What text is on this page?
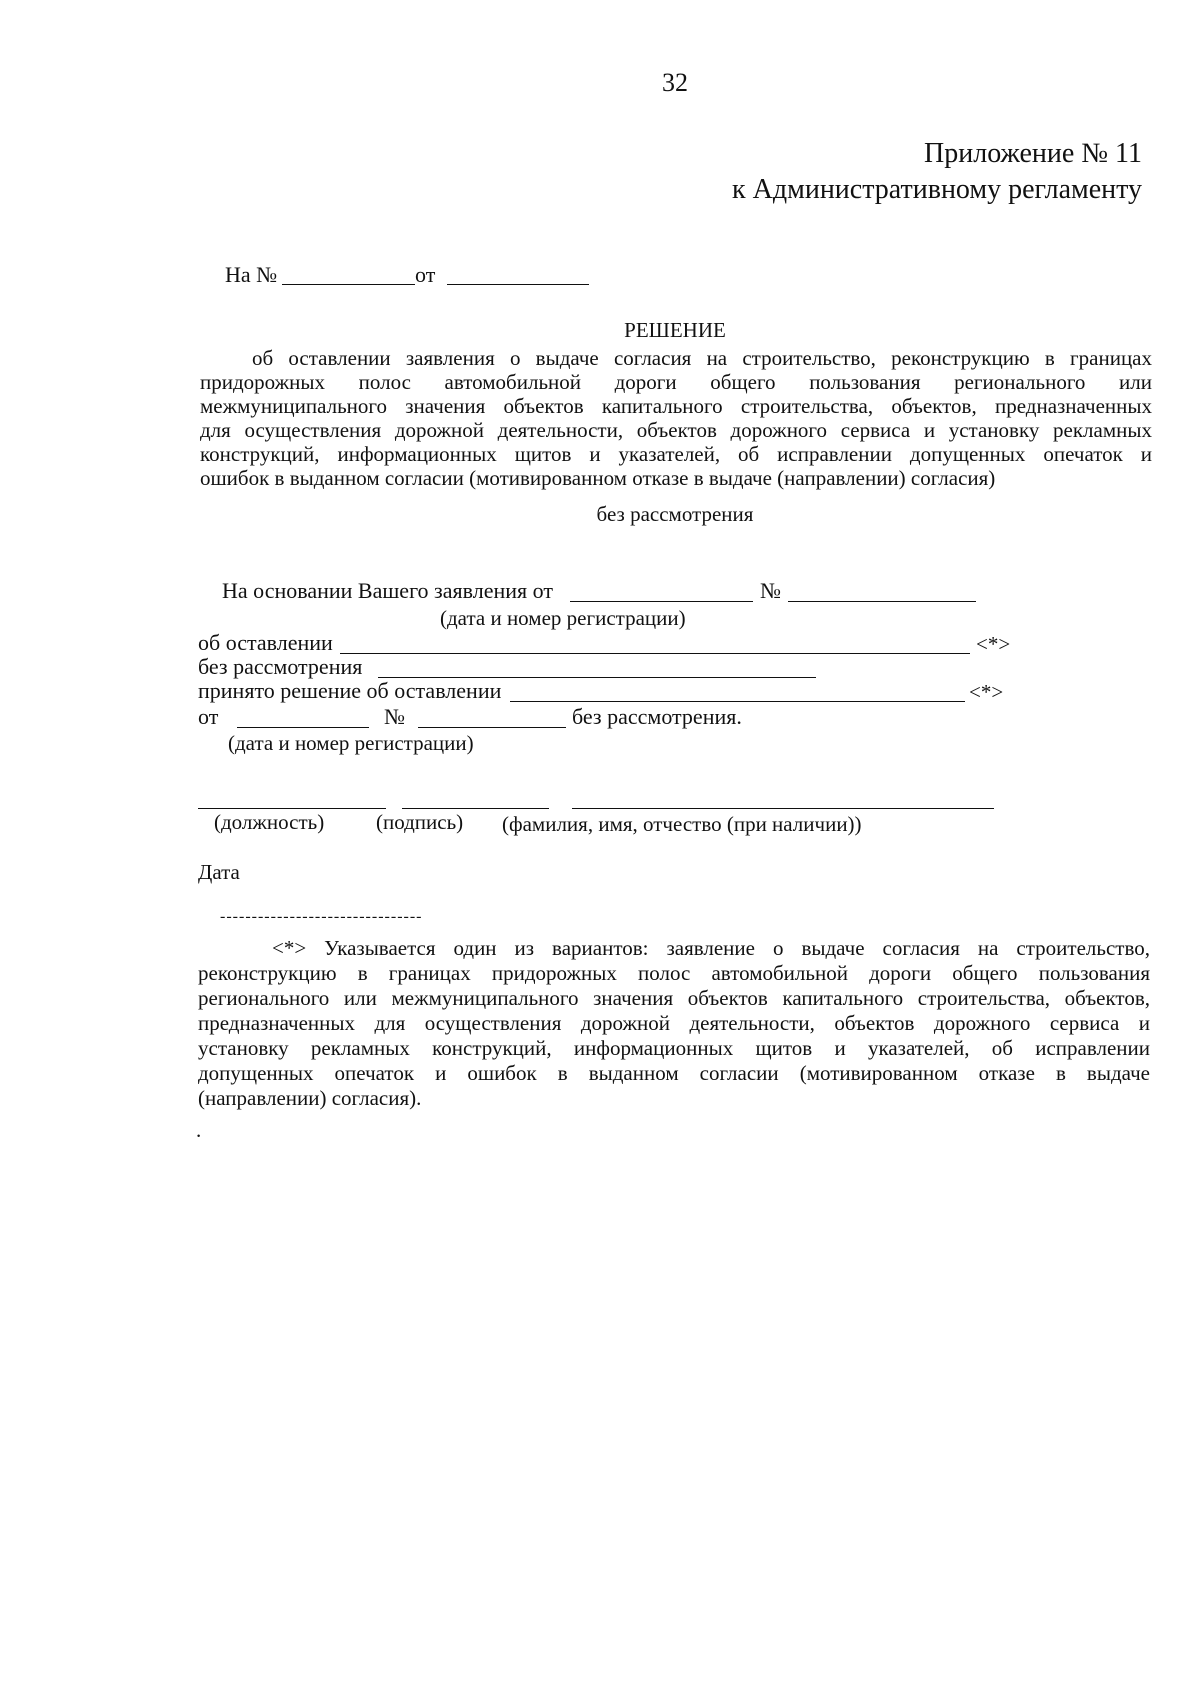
32
Приложение № 11
к Административному регламенту
На №	от
РЕШЕНИЕ
об оставлении заявления о выдаче согласия на строительство, реконструкцию в границах
придорожных полос автомобильной дороги общего пользования регионального или
межмуниципального значения объектов капитального строительства, объектов, предназначенных
для осуществления дорожной деятельности, объектов дорожного сервиса и установку рекламных
конструкций, информационных щитов и указателей, об исправлении допущенных опечаток и
ошибок в выданном согласии (мотивированном отказе в выдаче (направлении) согласия)
без рассмотрения
На основании Вашего заявления от	№
(дата и номер регистрации)
об оставлении	<*>
без рассмотрения
принято решение об оставлении	<*>
от	№	без рассмотрения.
(дата и номер регистрации)
(должность) (подпись) (фамилия, имя, отчество (при наличии))
Дата
--------------------------------
<*> Указывается один из вариантов: заявление о выдаче согласия на строительство,
реконструкцию в границах придорожных полос автомобильной дороги общего пользования
регионального или межмуниципального значения объектов капитального строительства, объектов,
предназначенных для осуществления дорожной деятельности, объектов дорожного сервиса и
установку рекламных конструкций, информационных щитов и указателей, об исправлении
допущенных опечаток и ошибок в выданном согласии (мотивированном отказе в выдаче
(направлении) согласия).
.
